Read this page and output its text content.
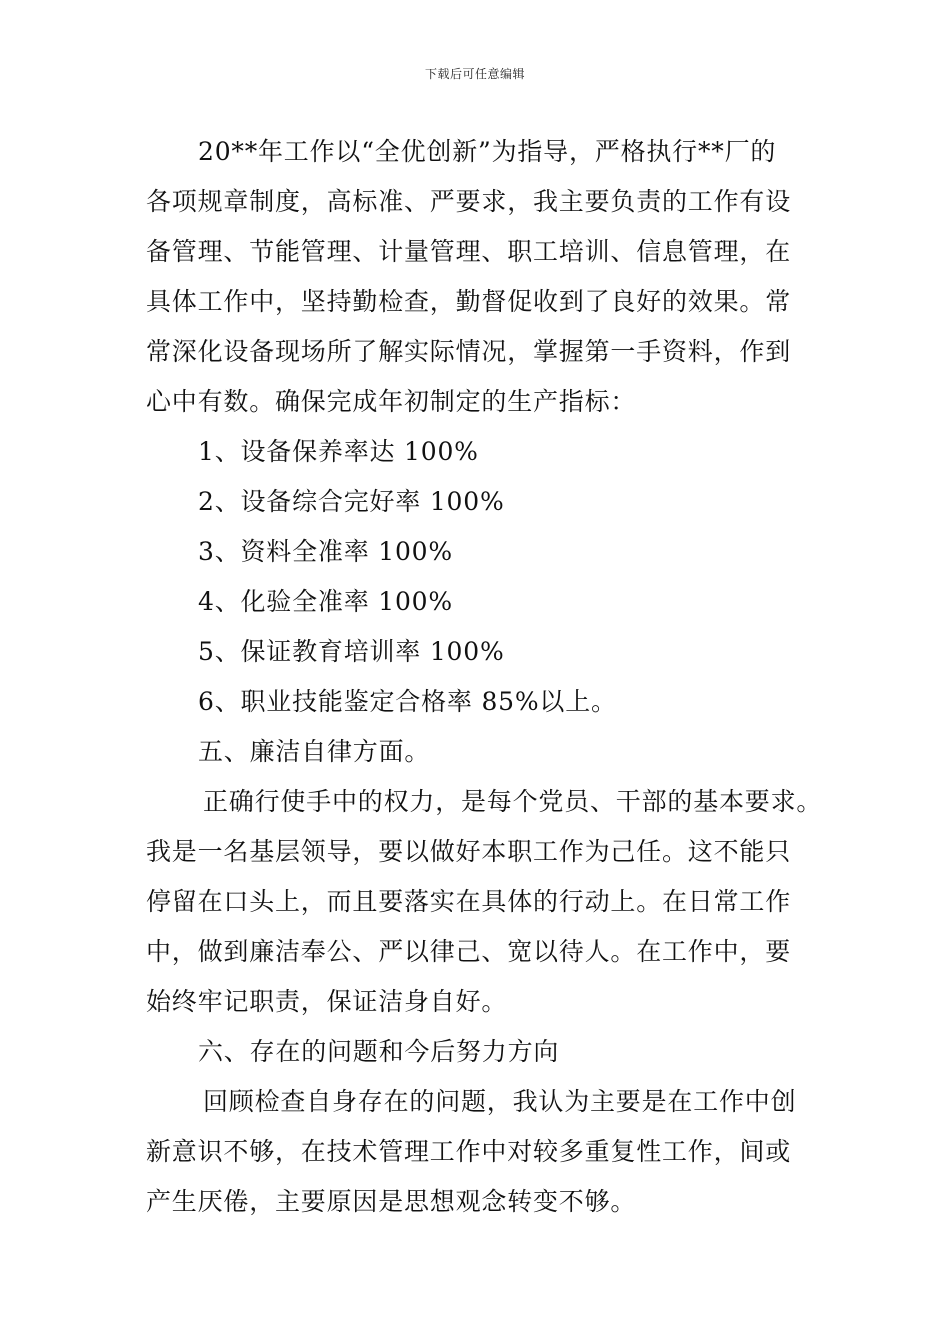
下载后可任意编辑
20**年工作以“全优创新”为指导，严格执行**厂的
各项规章制度，高标准、严要求，我主要负责的工作有设
备管理、节能管理、计量管理、职工培训、信息管理，在
具体工作中，坚持勤检查，勤督促收到了良好的效果。常
常深化设备现场所了解实际情况，掌握第一手资料，作到
心中有数。确保完成年初制定的生产指标：
1、设备保养率达 100%
2、设备综合完好率 100%
3、资料全准率 100%
4、化验全准率 100%
5、保证教育培训率 100%
6、职业技能鉴定合格率 85%以上。
五、廉洁自律方面。
正确行使手中的权力，是每个党员、干部的基本要求。
我是一名基层领导，要以做好本职工作为己任。这不能只
停留在口头上，而且要落实在具体的行动上。在日常工作
中，做到廉洁奉公、严以律己、宽以待人。在工作中，要
始终牢记职责，保证洁身自好。
六、存在的问题和今后努力方向
回顾检查自身存在的问题，我认为主要是在工作中创
新意识不够，在技术管理工作中对较多重复性工作，间或
产生厌倦，主要原因是思想观念转变不够。
